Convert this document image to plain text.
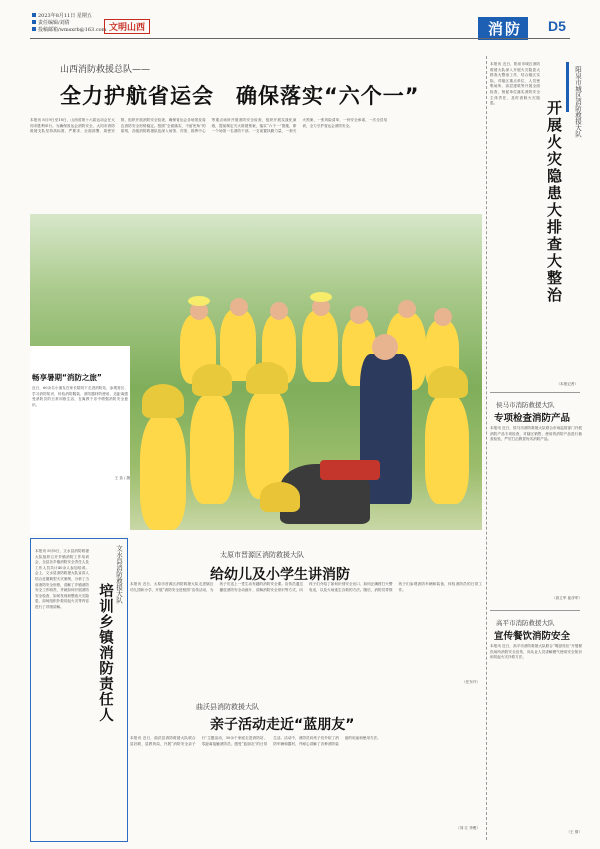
2023年8月11日 星期五
责任编辑/刘倩
投稿邮箱/wmsxrb@163.com 文明山西	消防	D5
山西消防救援总队——
全力护航省运会　确保落实“六个一”
本报讯 8月9日至18日，山西省第十六届运动会在大同市胜利举行。为确保省运会消防安全，大同市消防救援支队坚持高标准、严要求、全面部署、周密安排，组织开展消防安全检查，确保省运会各场馆及周边消防安全形势稳定。按照“全面落实、不留死角”的原则，各级消防救援队伍深入场馆、宾馆、指挥中心等重点场所开展消防安全检查，组织开展实战化演练，提前制定灭火救援预案，落实“六个一”措施，即一个场馆一名消防干部、一支前置执勤力量、一套灭火预案、一张风险清单、一份安全承诺、一次全员培训，全力守护省运会消防安全。
畅享暑期“消防之旅”
近日，60余名小朋友在家长陪同下走进消防站，参观营区、学习消防知识，体验消防服装、消防器材的使用，近距离感受消防员的日常训练生活，在寓教于乐中增强消防安全意识。
王 蕊 / 摄
文水县消防救援大队
培训乡镇消防责任人
本报讯 8月8日，文水县消防救援大队组织召开乡镇消防工作培训会，全县各乡镇消防安全责任人及工作人员共计40余人参加培训。会上，文水县消防救援大队宣讲人结合近期典型火灾案例，分析了当前消防安全形势，讲解了乡镇消防安全工作职责，并就如何开展消防安全检查、如何发现和整改火灾隐患、如何组织扑救初起火灾等内容进行了详细讲解。
太原市晋源区消防救援大队
给幼儿及小学生讲消防
本报讯 近日，太原市晋源区消防救援大队走进辖区幼儿园和小学，开展“消防安全进校园”宣传活动，为孩子们送上一堂生动有趣的消防安全课。宣传员通过播放消防安全动画片、讲解消防安全常识等方式，向孩子们介绍了如何识别安全出口、如何正确拨打火警电话，以及火场逃生自救的方法。随后，消防员带领孩子们参观消防车辆和装备，体验消防员的日常工作。
（任东升）
曲沃县消防救援大队
亲子活动走近“蓝朋友”
本报讯 近日，曲沃县消防救援大队联合县妇联、县教育局，开展“消防安全亲子行”主题活动，30余个家庭走进消防站，零距离接触消防员，感受“蓝朋友”的日常生活。活动中，消防员向孩子们介绍了消防车辆和器材，并耐心讲解了各种消防装备的用途和使用方法。
（刘 江 李俊）
阳泉市城区消防救援大队
开展火灾隐患大排查大整治
本报讯 近日，阳泉市城区消防救援大队深入开展火灾隐患大排查大整治工作，结合辖区实际，对辖区重点单位、人员密集场所、高层建筑等开展全面检查，督促单位落实消防安全主体责任，及时消除火灾隐患。
（本报记者）
侯马市消防救援大队
专项检查消防产品
本报讯 近日，侯马市消防救援大队联合市场监管部门开展消防产品专项检查，对辖区销售、使用的消防产品进行抽查检验，严厉打击假冒伪劣消防产品。
（高立军 崔彦军）
高平市消防救援大队
宣传餐饮消防安全
本报讯 近日，高平市消防救援大队联合“明厨亮灶”开展餐饮场所消防安全宣传，向从业人员讲解燃气使用安全知识和初起火灾扑救方法。
（王 倩）
